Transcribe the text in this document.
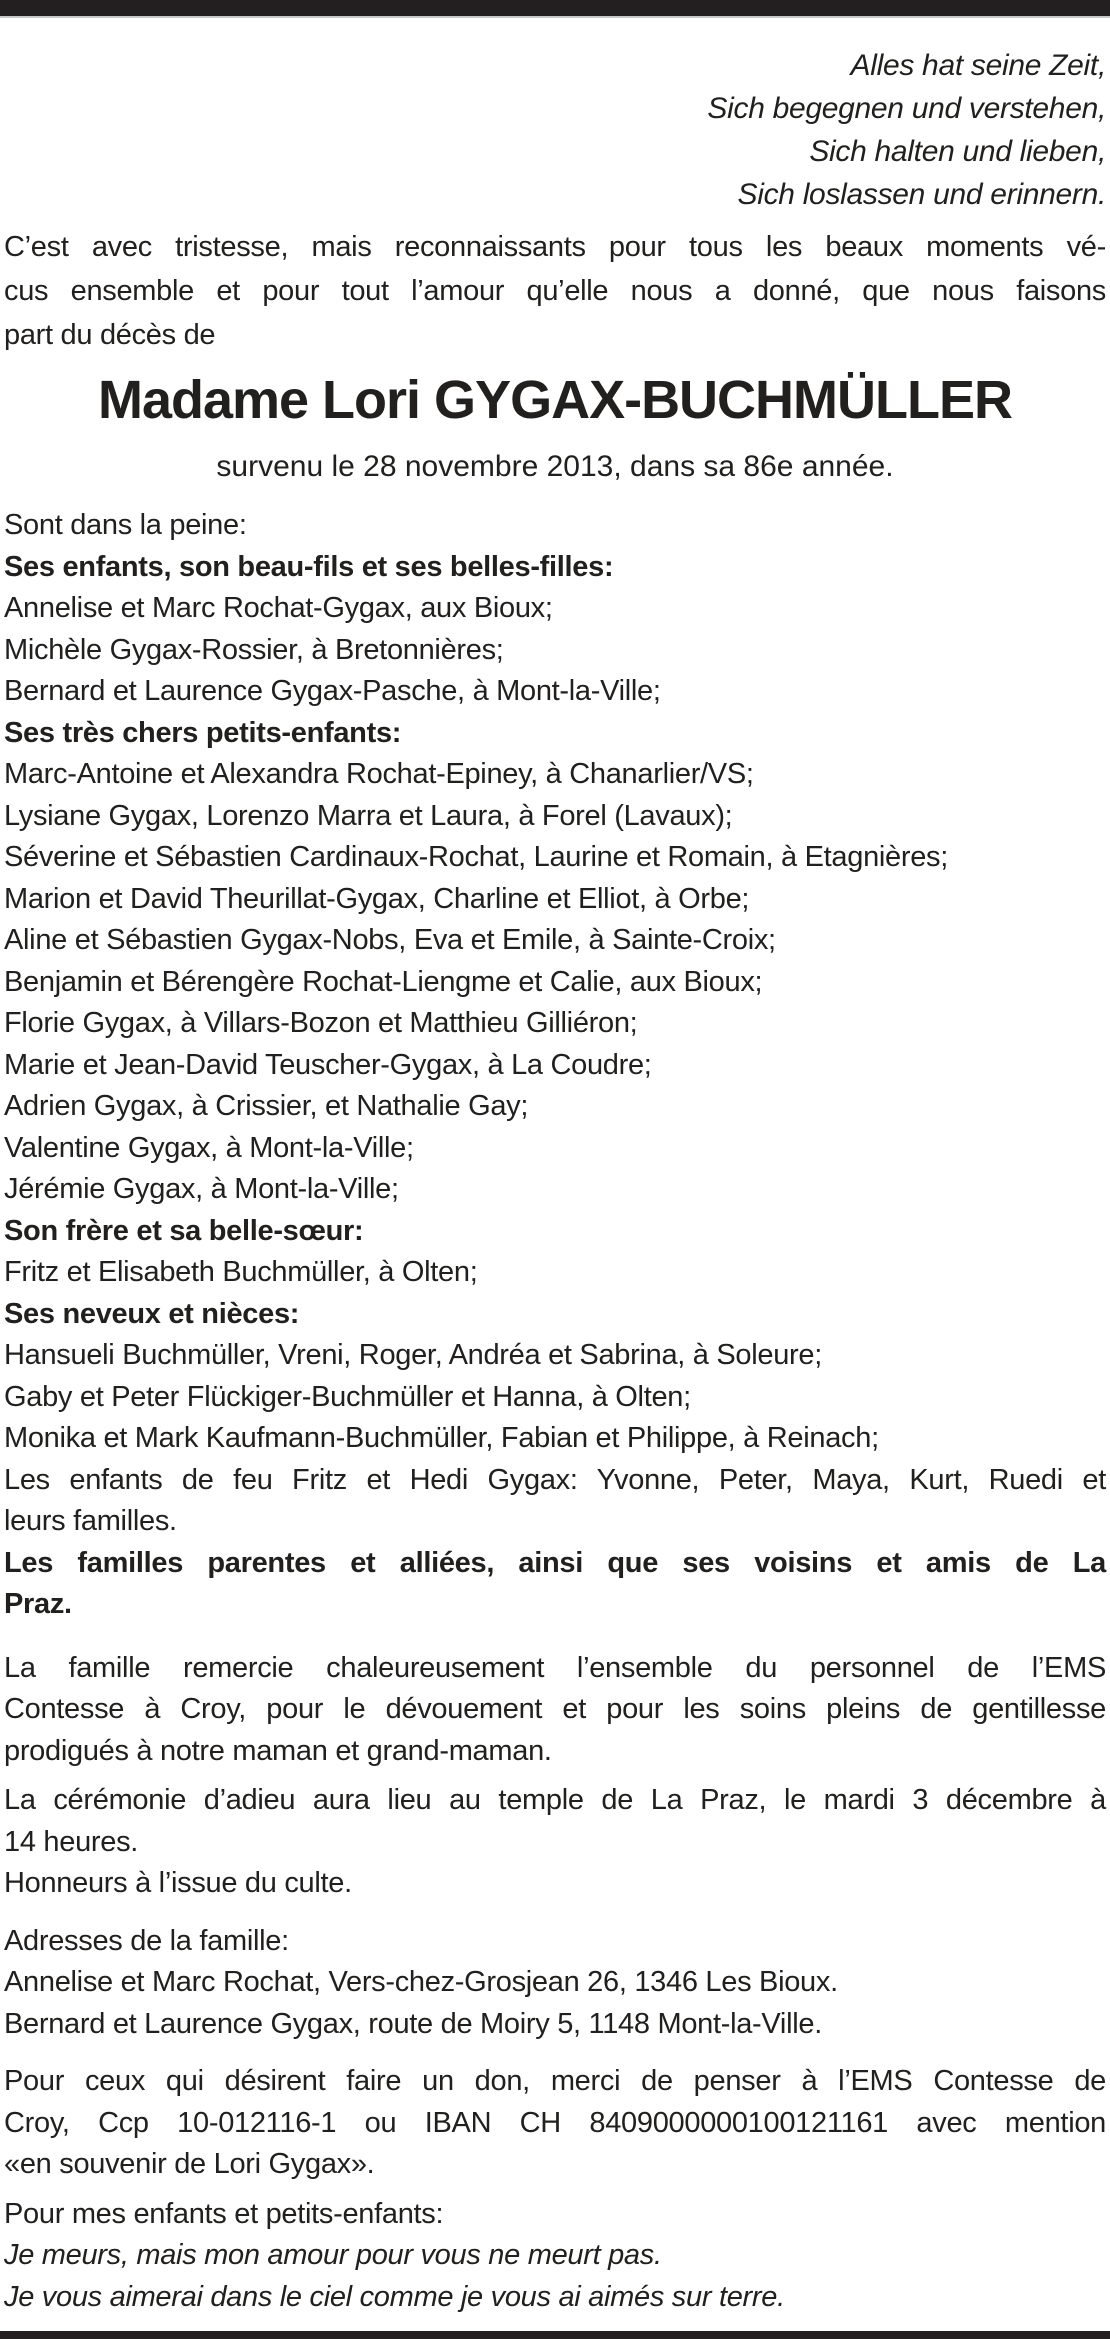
Alles hat seine Zeit,
Sich begegnen und verstehen,
Sich halten und lieben,
Sich loslassen und erinnern.
C’est avec tristesse, mais reconnaissants pour tous les beaux moments vé-
cus ensemble et pour tout l’amour qu’elle nous a donné, que nous faisons
part du décès de
Madame Lori GYGAX-BUCHMÜLLER
survenu le 28 novembre 2013, dans sa 86e année.
Sont dans la peine:
Ses enfants, son beau-fils et ses belles-filles:
Annelise et Marc Rochat-Gygax, aux Bioux;
Michèle Gygax-Rossier, à Bretonnières;
Bernard et Laurence Gygax-Pasche, à Mont-la-Ville;
Ses très chers petits-enfants:
Marc-Antoine et Alexandra Rochat-Epiney, à Chanarlier/VS;
Lysiane Gygax, Lorenzo Marra et Laura, à Forel (Lavaux);
Séverine et Sébastien Cardinaux-Rochat, Laurine et Romain, à Etagnières;
Marion et David Theurillat-Gygax, Charline et Elliot, à Orbe;
Aline et Sébastien Gygax-Nobs, Eva et Emile, à Sainte-Croix;
Benjamin et Bérengère Rochat-Liengme et Calie, aux Bioux;
Florie Gygax, à Villars-Bozon et Matthieu Gilliéron;
Marie et Jean-David Teuscher-Gygax, à La Coudre;
Adrien Gygax, à Crissier, et Nathalie Gay;
Valentine Gygax, à Mont-la-Ville;
Jérémie Gygax, à Mont-la-Ville;
Son frère et sa belle-sœur:
Fritz et Elisabeth Buchmüller, à Olten;
Ses neveux et nièces:
Hansueli Buchmüller, Vreni, Roger, Andréa et Sabrina, à Soleure;
Gaby et Peter Flückiger-Buchmüller et Hanna, à Olten;
Monika et Mark Kaufmann-Buchmüller, Fabian et Philippe, à Reinach;
Les enfants de feu Fritz et Hedi Gygax: Yvonne, Peter, Maya, Kurt, Ruedi et
leurs familles.
Les familles parentes et alliées, ainsi que ses voisins et amis de La
Praz.
La famille remercie chaleureusement l’ensemble du personnel de l’EMS
Contesse à Croy, pour le dévouement et pour les soins pleins de gentillesse
prodigués à notre maman et grand-maman.
La cérémonie d’adieu aura lieu au temple de La Praz, le mardi 3 décembre à
14 heures.
Honneurs à l’issue du culte.
Adresses de la famille:
Annelise et Marc Rochat, Vers-chez-Grosjean 26, 1346 Les Bioux.
Bernard et Laurence Gygax, route de Moiry 5, 1148 Mont-la-Ville.
Pour ceux qui désirent faire un don, merci de penser à l’EMS Contesse de
Croy, Ccp 10-012116-1 ou IBAN CH 8409000000100121161 avec mention
«en souvenir de Lori Gygax».
Pour mes enfants et petits-enfants:
Je meurs, mais mon amour pour vous ne meurt pas.
Je vous aimerai dans le ciel comme je vous ai aimés sur terre.
